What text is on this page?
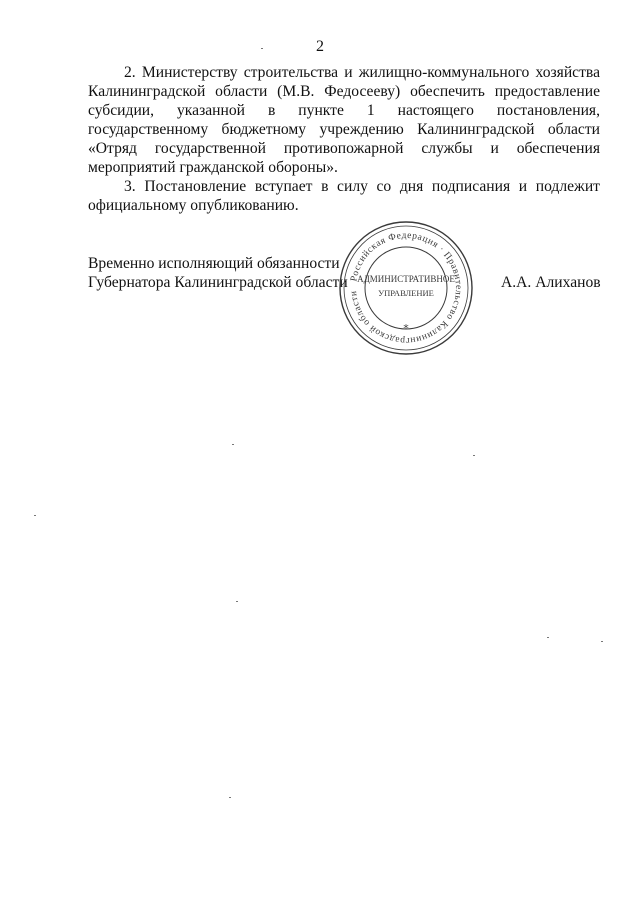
2

2. Министерству строительства и жилищно-коммунального хозяйства Калининградской области (М.В. Федосееву) обеспечить предоставление субсидии, указанной в пункте 1 настоящего постановления, государственному бюджетному учреждению Калининградской области «Отряд государственной противопожарной службы и обеспечения мероприятий гражданской обороны».

3. Постановление вступает в силу со дня подписания и подлежит официальному опубликованию.

Временно исполняющий обязанности
Губернатора Калининградской области	А.А. Алиханов
Российская Федерация · Правительство Калининградской области
АДМИНИСТРАТИВНОЕ
УПРАВЛЕНИЕ
*
